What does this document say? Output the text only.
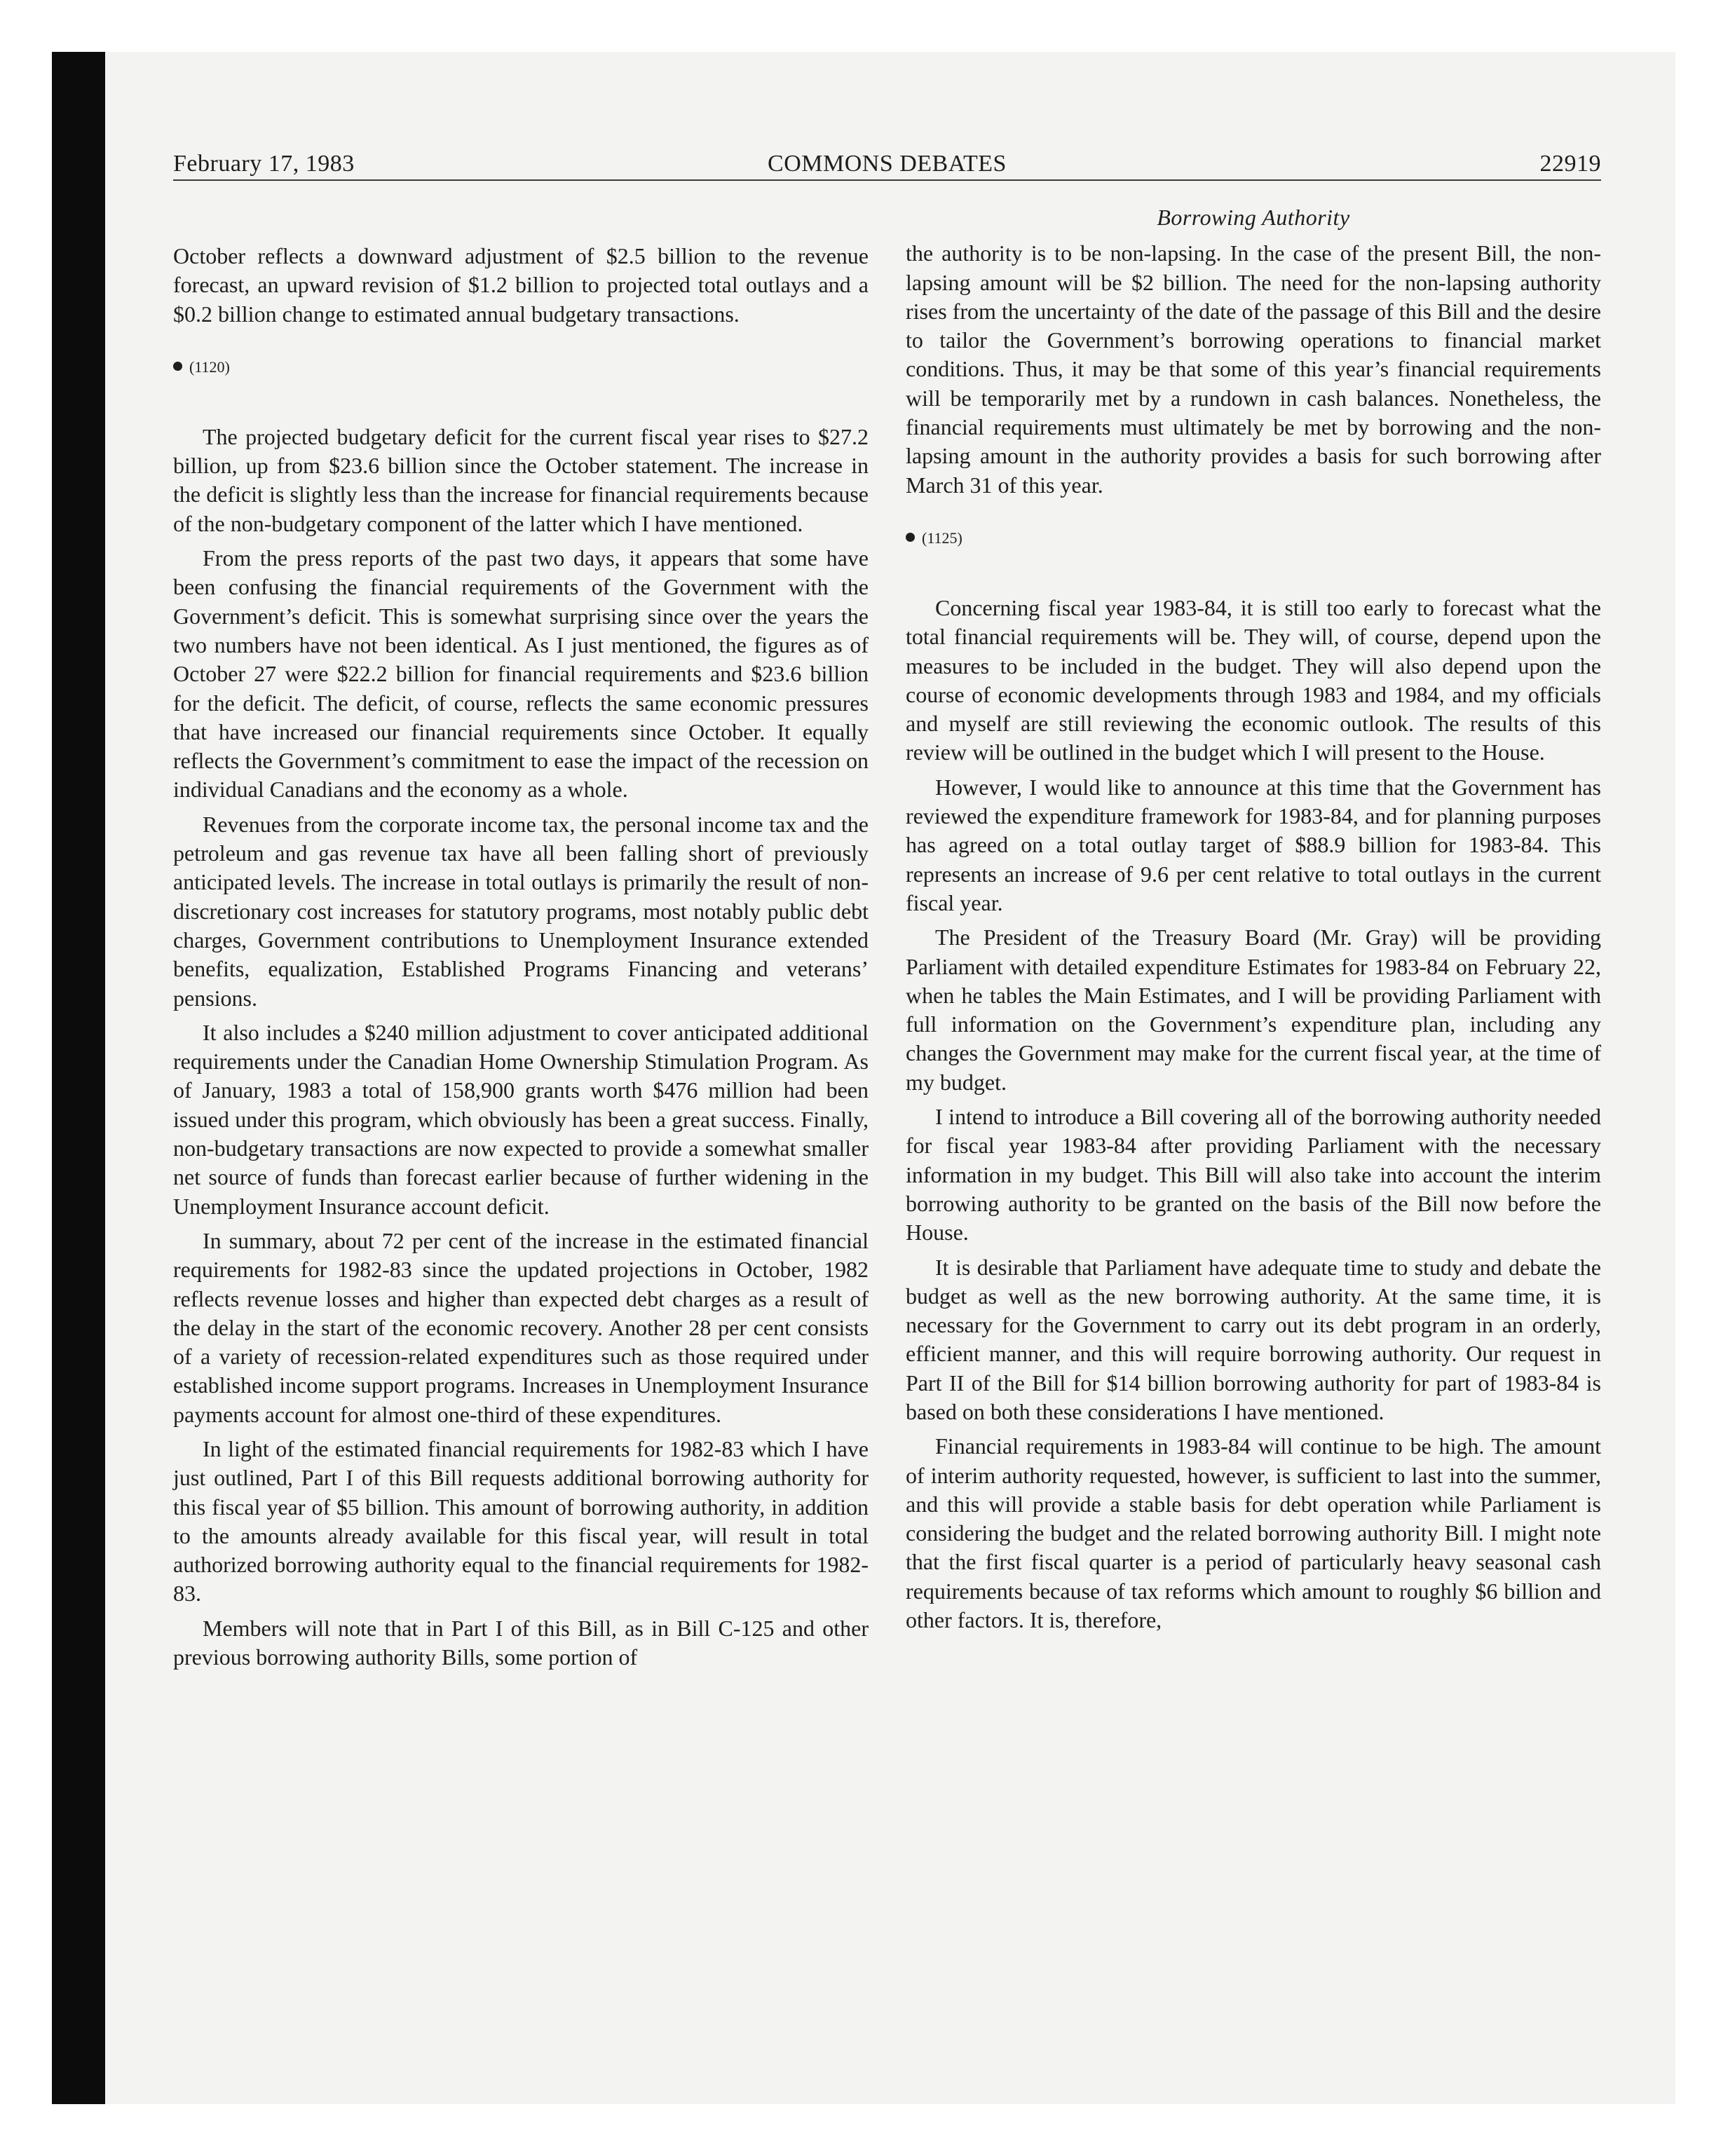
February 17, 1983	COMMONS DEBATES	22919

October reflects a downward adjustment of $2.5 billion to the revenue forecast, an upward revision of $1.2 billion to projected total outlays and a $0.2 billion change to estimated annual budgetary transactions.

(1120)

The projected budgetary deficit for the current fiscal year rises to $27.2 billion, up from $23.6 billion since the October statement. The increase in the deficit is slightly less than the increase for financial requirements because of the non-budgetary component of the latter which I have mentioned.

From the press reports of the past two days, it appears that some have been confusing the financial requirements of the Government with the Government’s deficit. This is somewhat surprising since over the years the two numbers have not been identical. As I just mentioned, the figures as of October 27 were $22.2 billion for financial requirements and $23.6 billion for the deficit. The deficit, of course, reflects the same economic pressures that have increased our financial requirements since October. It equally reflects the Government’s commitment to ease the impact of the recession on individual Canadians and the economy as a whole.

Revenues from the corporate income tax, the personal income tax and the petroleum and gas revenue tax have all been falling short of previously anticipated levels. The increase in total outlays is primarily the result of non-discretionary cost increases for statutory programs, most notably public debt charges, Government contributions to Unemployment Insurance extended benefits, equalization, Established Programs Financing and veterans’ pensions.

It also includes a $240 million adjustment to cover anticipated additional requirements under the Canadian Home Ownership Stimulation Program. As of January, 1983 a total of 158,900 grants worth $476 million had been issued under this program, which obviously has been a great success. Finally, non-budgetary transactions are now expected to provide a somewhat smaller net source of funds than forecast earlier because of further widening in the Unemployment Insurance account deficit.

In summary, about 72 per cent of the increase in the estimated financial requirements for 1982-83 since the updated projections in October, 1982 reflects revenue losses and higher than expected debt charges as a result of the delay in the start of the economic recovery. Another 28 per cent consists of a variety of recession-related expenditures such as those required under established income support programs. Increases in Unemployment Insurance payments account for almost one-third of these expenditures.

In light of the estimated financial requirements for 1982-83 which I have just outlined, Part I of this Bill requests additional borrowing authority for this fiscal year of $5 billion. This amount of borrowing authority, in addition to the amounts already available for this fiscal year, will result in total authorized borrowing authority equal to the financial requirements for 1982-83.

Members will note that in Part I of this Bill, as in Bill C-125 and other previous borrowing authority Bills, some portion of

Borrowing Authority

the authority is to be non-lapsing. In the case of the present Bill, the non-lapsing amount will be $2 billion. The need for the non-lapsing authority rises from the uncertainty of the date of the passage of this Bill and the desire to tailor the Government’s borrowing operations to financial market conditions. Thus, it may be that some of this year’s financial requirements will be temporarily met by a rundown in cash balances. Nonetheless, the financial requirements must ultimately be met by borrowing and the non-lapsing amount in the authority provides a basis for such borrowing after March 31 of this year.

(1125)

Concerning fiscal year 1983-84, it is still too early to forecast what the total financial requirements will be. They will, of course, depend upon the measures to be included in the budget. They will also depend upon the course of economic developments through 1983 and 1984, and my officials and myself are still reviewing the economic outlook. The results of this review will be outlined in the budget which I will present to the House.

However, I would like to announce at this time that the Government has reviewed the expenditure framework for 1983-84, and for planning purposes has agreed on a total outlay target of $88.9 billion for 1983-84. This represents an increase of 9.6 per cent relative to total outlays in the current fiscal year.

The President of the Treasury Board (Mr. Gray) will be providing Parliament with detailed expenditure Estimates for 1983-84 on February 22, when he tables the Main Estimates, and I will be providing Parliament with full information on the Government’s expenditure plan, including any changes the Government may make for the current fiscal year, at the time of my budget.

I intend to introduce a Bill covering all of the borrowing authority needed for fiscal year 1983-84 after providing Parliament with the necessary information in my budget. This Bill will also take into account the interim borrowing authority to be granted on the basis of the Bill now before the House.

It is desirable that Parliament have adequate time to study and debate the budget as well as the new borrowing authority. At the same time, it is necessary for the Government to carry out its debt program in an orderly, efficient manner, and this will require borrowing authority. Our request in Part II of the Bill for $14 billion borrowing authority for part of 1983-84 is based on both these considerations I have mentioned.

Financial requirements in 1983-84 will continue to be high. The amount of interim authority requested, however, is sufficient to last into the summer, and this will provide a stable basis for debt operation while Parliament is considering the budget and the related borrowing authority Bill. I might note that the first fiscal quarter is a period of particularly heavy seasonal cash requirements because of tax reforms which amount to roughly $6 billion and other factors. It is, therefore,
